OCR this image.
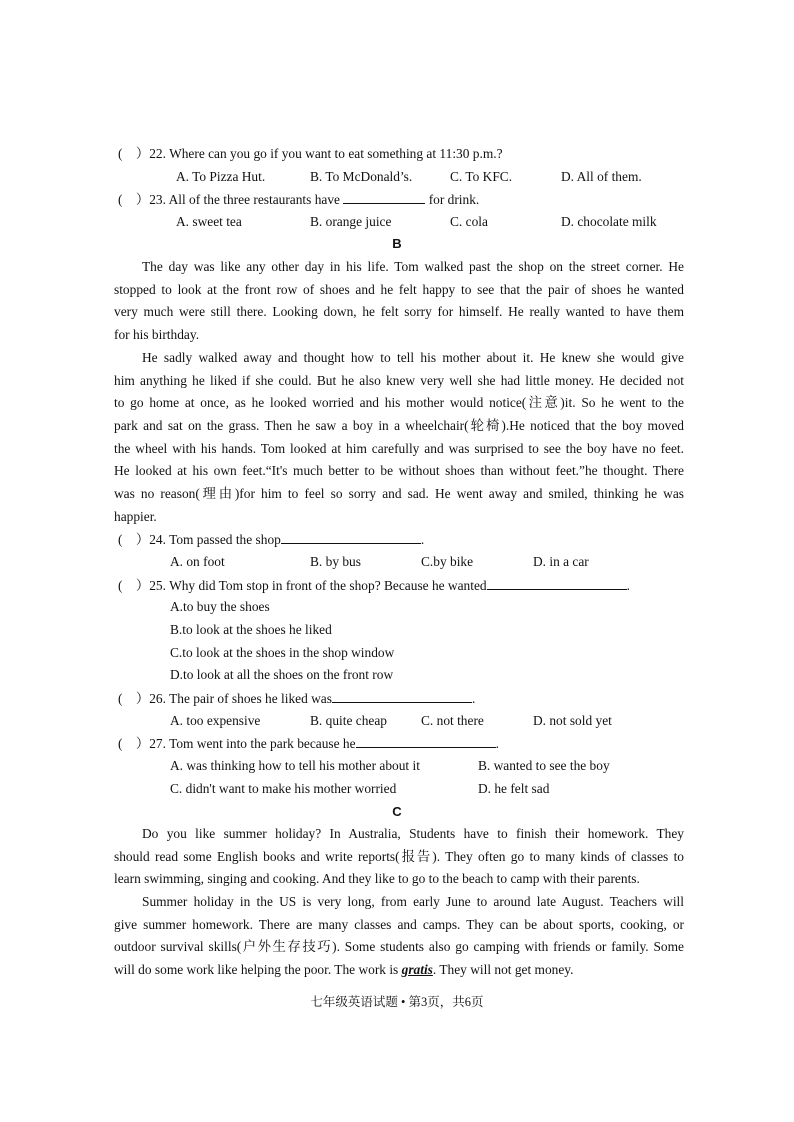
(　）22. Where can you go if you want to eat something at 11:30 p.m.?
A. To Pizza Hut.	B. To McDonald’s.	C. To KFC.	D. All of them.
(　）23. All of the three restaurants have	for drink.
A. sweet tea	B. orange juice	C. cola	D. chocolate milk
B
The day was like any other day in his life. Tom walked past the shop on the street corner. He
stopped to look at the front row of shoes and he felt happy to see that the pair of shoes he wanted
very much were still there. Looking down, he felt sorry for himself. He really wanted to have them
for his birthday.
He sadly walked away and thought how to tell his mother about it. He knew she would give
him anything he liked if she could. But he also knew very well she had little money. He decided not
to go home at once, as he looked worried and his mother would notice(注意)it. So he went to the
park and sat on the grass. Then he saw a boy in a wheelchair(轮椅).He noticed that the boy moved
the wheel with his hands. Tom looked at him carefully and was surprised to see the boy have no feet.
He looked at his own feet.“It's much better to be without shoes than without feet.”he thought. There
was no reason(理由)for him to feel so sorry and sad. He went away and smiled, thinking he was
happier.
(　）24. Tom passed the shop	.
A. on foot	B. by bus	C.by bike	D. in a car
(　）25. Why did Tom stop in front of the shop? Because he wanted	.
A.to buy the shoes
B.to look at the shoes he liked
C.to look at the shoes in the shop window
D.to look at all the shoes on the front row
(　）26. The pair of shoes he liked was	.
A. too expensive	B. quite cheap	C. not there	D. not sold yet
(　）27. Tom went into the park because he	.
A. was thinking how to tell his mother about it	B. wanted to see the boy
C. didn't want to make his mother worried	D. he felt sad
C
Do you like summer holiday? In Australia, Students have to finish their homework. They
should read some English books and write reports(报告). They often go to many kinds of classes to
learn swimming, singing and cooking. And they like to go to the beach to camp with their parents.
Summer holiday in the US is very long, from early June to around late August. Teachers will
give summer homework. There are many classes and camps. They can be about sports, cooking, or
outdoor survival skills(户外生存技巧). Some students also go camping with friends or family. Some
will do some work like helping the poor. The work is gratis. They will not get money.
七年级英语试题 • 第3页，共6页
